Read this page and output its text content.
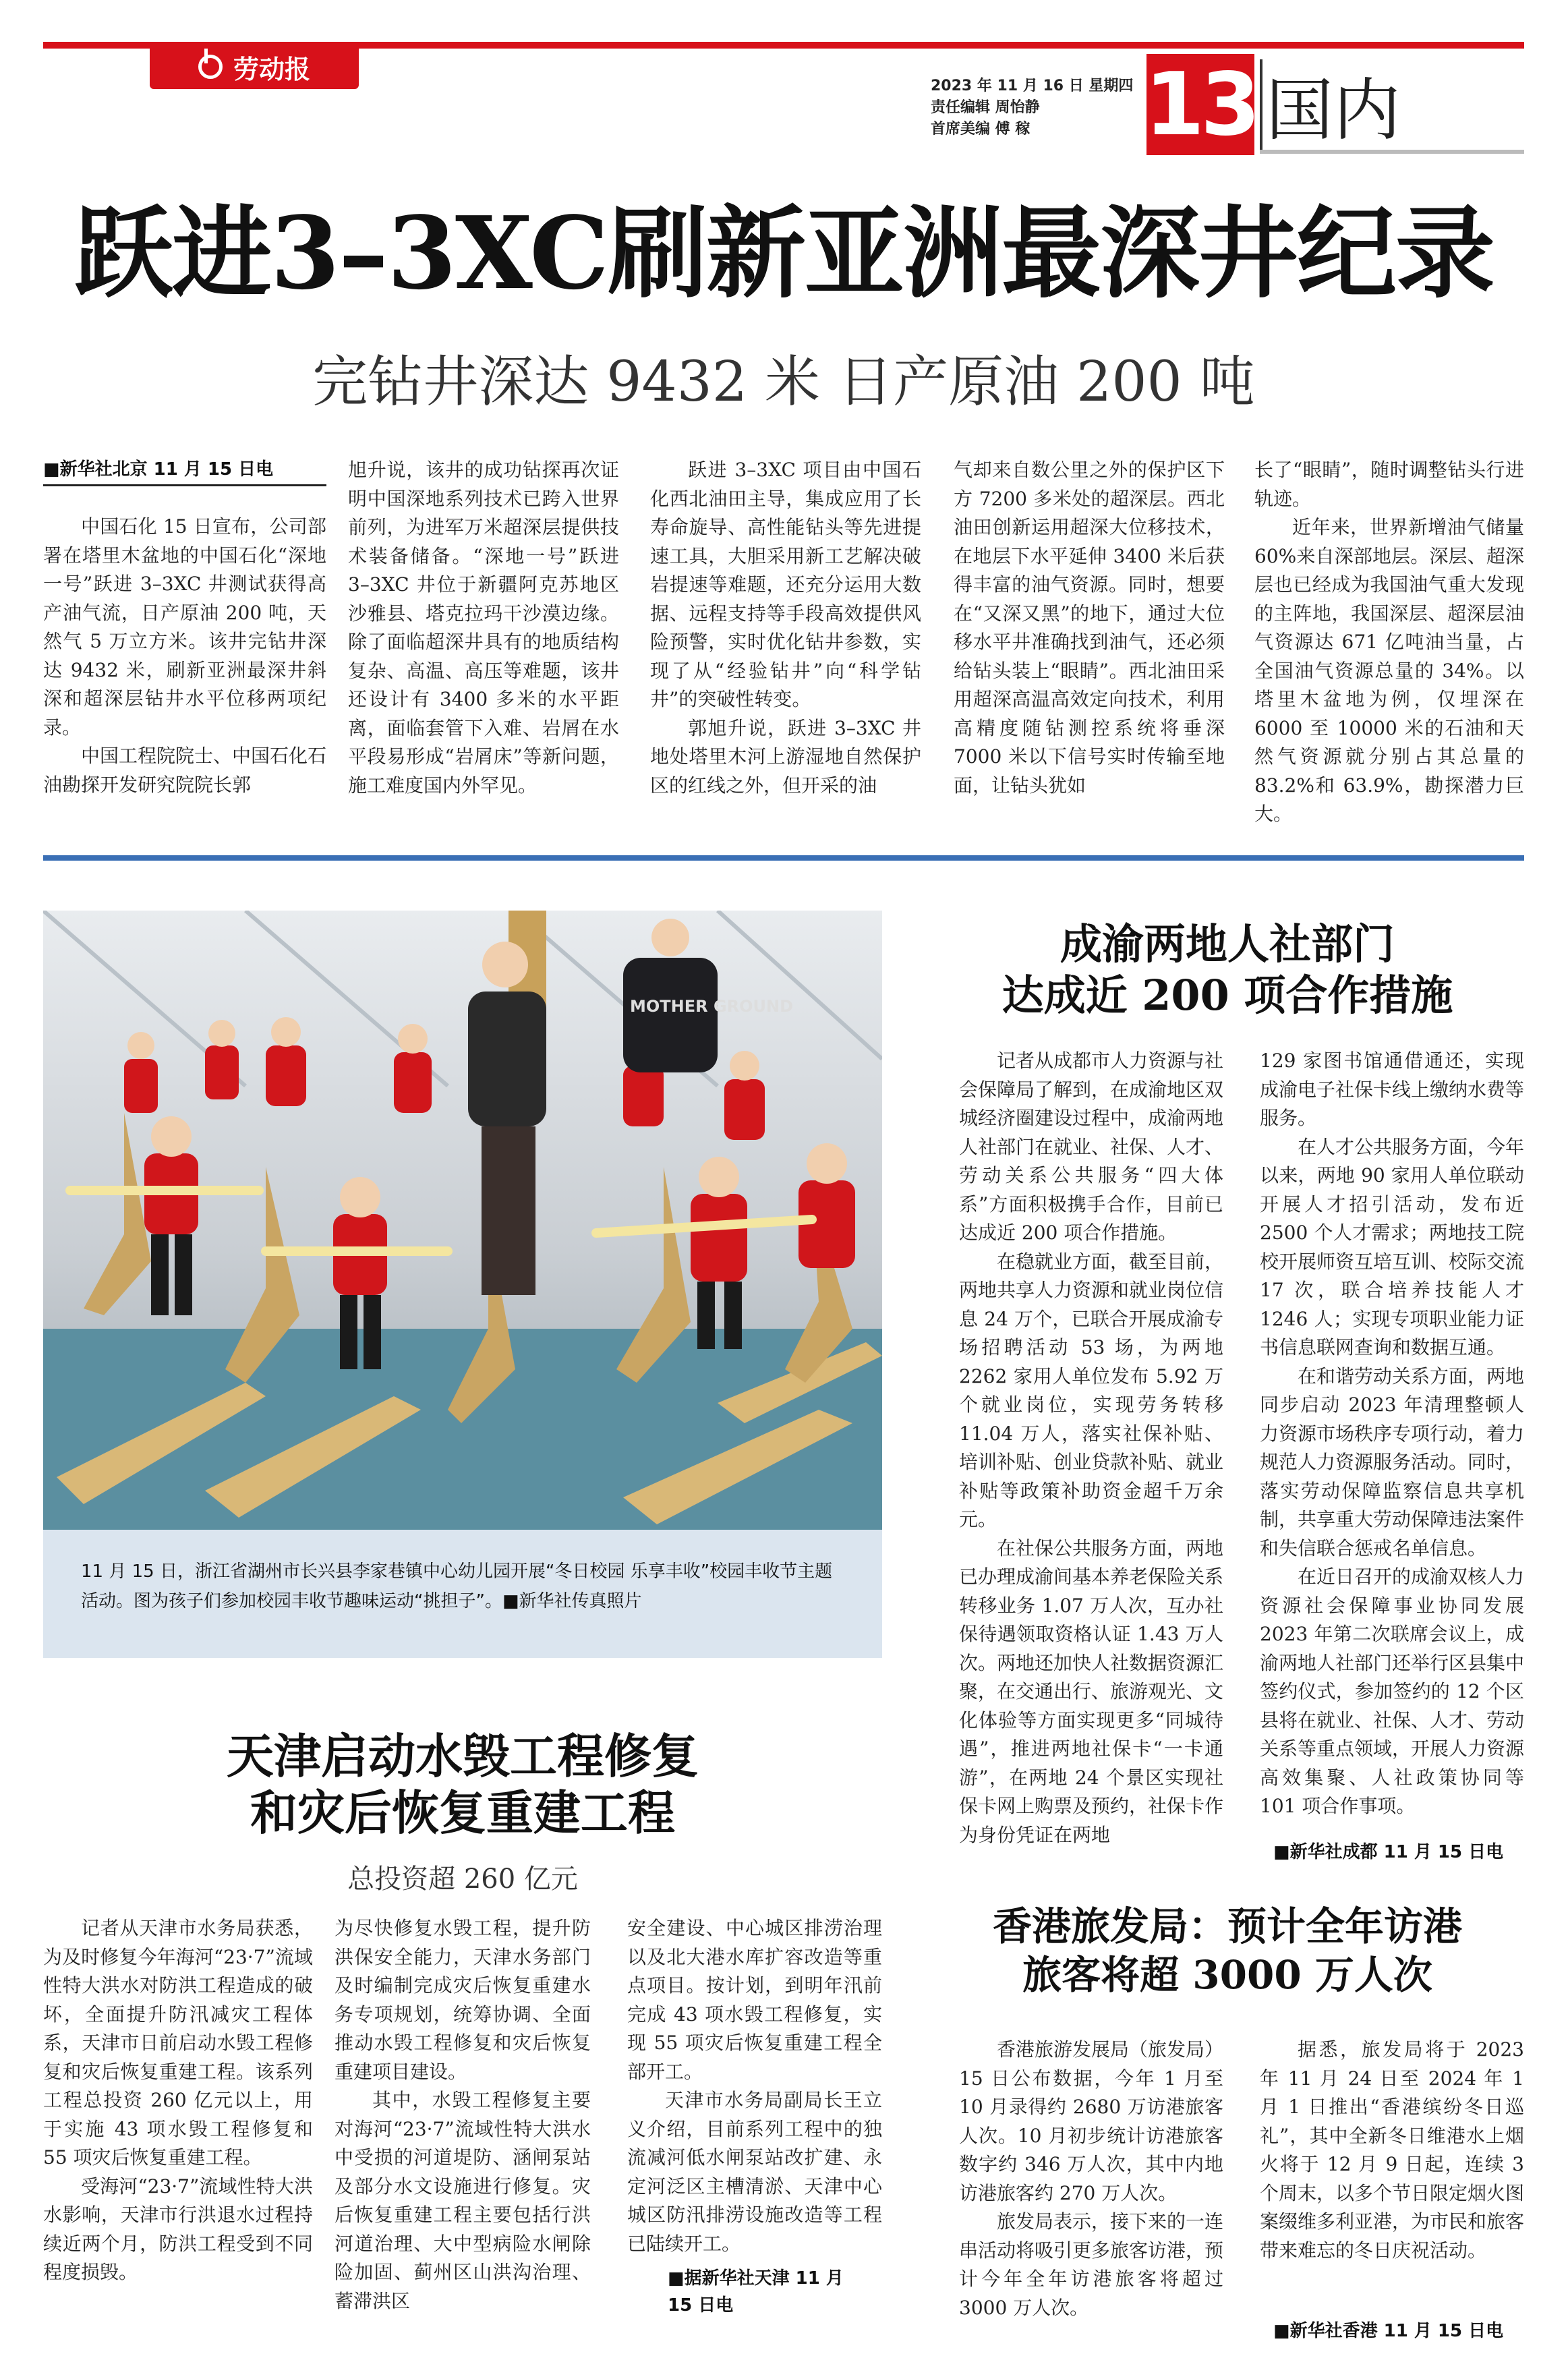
劳动报
2023 年 11 月 16 日 星期四
责任编辑 周怡静
首席美编 傅 稼	13 国内
跃进3–3XC刷新亚洲最深井纪录
完钻井深达 9432 米 日产原油 200 吨
■新华社北京 11 月 15 日电

中国石化 15 日宣布，公司部署在塔里木盆地的中国石化“深地一号”跃进 3–3XC 井测试获得高产油气流，日产原油 200 吨，天然气 5 万立方米。该井完钻井深达 9432 米，刷新亚洲最深井斜深和超深层钻井水平位移两项纪录。

中国工程院院士、中国石化石油勘探开发研究院院长郭

旭升说，该井的成功钻探再次证明中国深地系列技术已跨入世界前列，为进军万米超深层提供技术装备储备。“深地一号”跃进 3–3XC 井位于新疆阿克苏地区沙雅县、塔克拉玛干沙漠边缘。除了面临超深井具有的地质结构复杂、高温、高压等难题，该井还设计有 3400 多米的水平距离，面临套管下入难、岩屑在水平段易形成“岩屑床”等新问题，施工难度国内外罕见。

跃进 3–3XC 项目由中国石化西北油田主导，集成应用了长寿命旋导、高性能钻头等先进提速工具，大胆采用新工艺解决破岩提速等难题，还充分运用大数据、远程支持等手段高效提供风险预警，实时优化钻井参数，实现了从“经验钻井”向“科学钻井”的突破性转变。

郭旭升说，跃进 3–3XC 井地处塔里木河上游湿地自然保护区的红线之外，但开采的油

气却来自数公里之外的保护区下方 7200 多米处的超深层。西北油田创新运用超深大位移技术，在地层下水平延伸 3400 米后获得丰富的油气资源。同时，想要在“又深又黑”的地下，通过大位移水平井准确找到油气，还必须给钻头装上“眼睛”。西北油田采用超深高温高效定向技术，利用高精度随钻测控系统将垂深 7000 米以下信号实时传输至地面，让钻头犹如

长了“眼睛”，随时调整钻头行进轨迹。

近年来，世界新增油气储量 60%来自深部地层。深层、超深层也已经成为我国油气重大发现的主阵地，我国深层、超深层油气资源达 671 亿吨油当量，占全国油气资源总量的 34%。以塔里木盆地为例，仅埋深在 6000 至 10000 米的石油和天然气资源就分别占其总量的 83.2%和 63.9%，勘探潜力巨大。

MOTHER GROUND
11 月 15 日，浙江省湖州市长兴县李家巷镇中心幼儿园开展“冬日校园 乐享丰收”校园丰收节主题活动。图为孩子们参加校园丰收节趣味运动“挑担子”。■新华社传真照片
成渝两地人社部门
达成近 200 项合作措施

记者从成都市人力资源与社会保障局了解到，在成渝地区双城经济圈建设过程中，成渝两地人社部门在就业、社保、人才、劳动关系公共服务“四大体系”方面积极携手合作，目前已达成近 200 项合作措施。

在稳就业方面，截至目前，两地共享人力资源和就业岗位信息 24 万个，已联合开展成渝专场招聘活动 53 场，为两地 2262 家用人单位发布 5.92 万个就业岗位，实现劳务转移 11.04 万人，落实社保补贴、培训补贴、创业贷款补贴、就业补贴等政策补助资金超千万余元。

在社保公共服务方面，两地已办理成渝间基本养老保险关系转移业务 1.07 万人次，互办社保待遇领取资格认证 1.43 万人次。两地还加快人社数据资源汇聚，在交通出行、旅游观光、文化体验等方面实现更多“同城待遇”，推进两地社保卡“一卡通游”，在两地 24 个景区实现社保卡网上购票及预约，社保卡作为身份凭证在两地

129 家图书馆通借通还，实现成渝电子社保卡线上缴纳水费等服务。

在人才公共服务方面，今年以来，两地 90 家用人单位联动开展人才招引活动，发布近 2500 个人才需求；两地技工院校开展师资互培互训、校际交流 17 次，联合培养技能人才 1246 人；实现专项职业能力证书信息联网查询和数据互通。

在和谐劳动关系方面，两地同步启动 2023 年清理整顿人力资源市场秩序专项行动，着力规范人力资源服务活动。同时，落实劳动保障监察信息共享机制，共享重大劳动保障违法案件和失信联合惩戒名单信息。

在近日召开的成渝双核人力资源社会保障事业协同发展 2023 年第二次联席会议上，成渝两地人社部门还举行区县集中签约仪式，参加签约的 12 个区县将在就业、社保、人才、劳动关系等重点领域，开展人力资源高效集聚、人社政策协同等 101 项合作事项。

■新华社成都 11 月 15 日电
天津启动水毁工程修复
和灾后恢复重建工程
总投资超 260 亿元

记者从天津市水务局获悉，为及时修复今年海河“23·7”流域性特大洪水对防洪工程造成的破坏，全面提升防汛减灾工程体系，天津市日前启动水毁工程修复和灾后恢复重建工程。该系列工程总投资 260 亿元以上，用于实施 43 项水毁工程修复和 55 项灾后恢复重建工程。

受海河“23·7”流域性特大洪水影响，天津市行洪退水过程持续近两个月，防洪工程受到不同程度损毁。

为尽快修复水毁工程，提升防洪保安全能力，天津水务部门及时编制完成灾后恢复重建水务专项规划，统筹协调、全面推动水毁工程修复和灾后恢复重建项目建设。

其中，水毁工程修复主要对海河“23·7”流域性特大洪水中受损的河道堤防、涵闸泵站及部分水文设施进行修复。灾后恢复重建工程主要包括行洪河道治理、大中型病险水闸除险加固、蓟州区山洪沟治理、蓄滞洪区

安全建设、中心城区排涝治理以及北大港水库扩容改造等重点项目。按计划，到明年汛前完成 43 项水毁工程修复，实现 55 项灾后恢复重建工程全部开工。

天津市水务局副局长王立义介绍，目前系列工程中的独流减河低水闸泵站改扩建、永定河泛区主槽清淤、天津中心城区防汛排涝设施改造等工程已陆续开工。

■据新华社天津 11 月
15 日电
香港旅发局：预计全年访港
旅客将超 3000 万人次

香港旅游发展局（旅发局）15 日公布数据，今年 1 月至 10 月录得约 2680 万访港旅客人次。10 月初步统计访港旅客数字约 346 万人次，其中内地访港旅客约 270 万人次。

旅发局表示，接下来的一连串活动将吸引更多旅客访港，预计今年全年访港旅客将超过 3000 万人次。

据悉，旅发局将于 2023 年 11 月 24 日至 2024 年 1 月 1 日推出“香港缤纷冬日巡礼”，其中全新冬日维港水上烟火将于 12 月 9 日起，连续 3 个周末，以多个节日限定烟火图案缀维多利亚港，为市民和旅客带来难忘的冬日庆祝活动。

■新华社香港 11 月 15 日电
